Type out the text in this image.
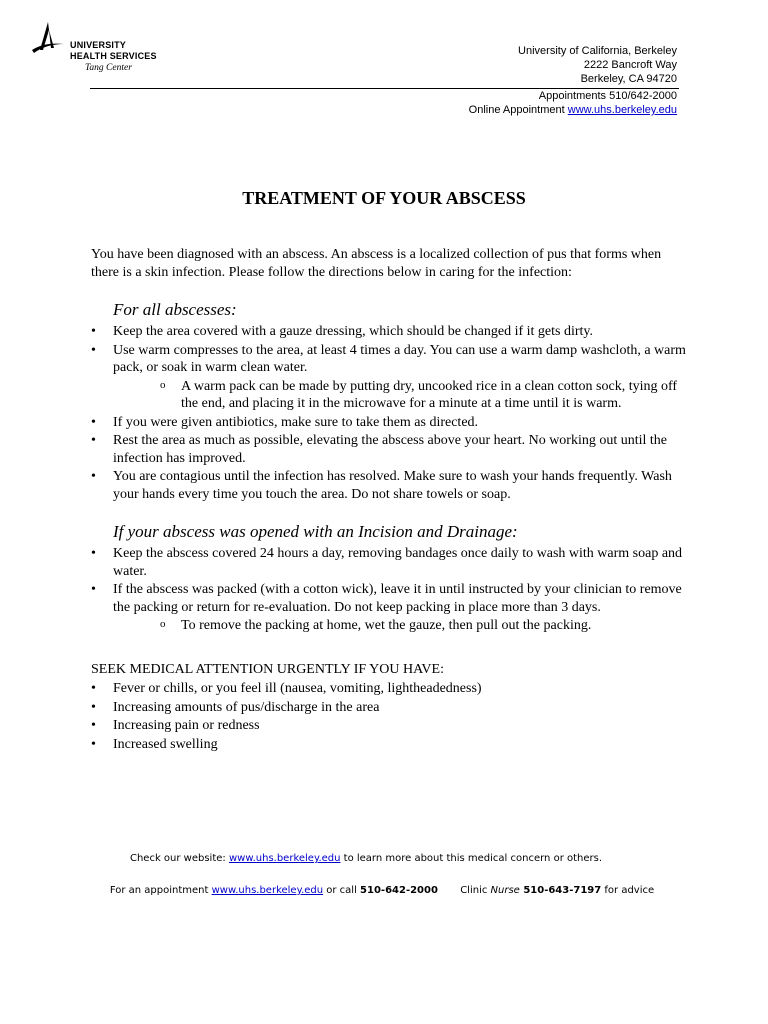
UNIVERSITY
HEALTH SERVICES
Tang Center
University of California, Berkeley
2222 Bancroft Way
Berkeley, CA 94720
Appointments 510/642-2000
Online Appointment www.uhs.berkeley.edu
TREATMENT OF YOUR ABSCESS

You have been diagnosed with an abscess. An abscess is a localized collection of pus that forms when there is a skin infection. Please follow the directions below in caring for the infection:

For all abscesses:
• Keep the area covered with a gauze dressing, which should be changed if it gets dirty.
• Use warm compresses to the area, at least 4 times a day. You can use a warm damp washcloth, a warm pack, or soak in warm clean water.
o A warm pack can be made by putting dry, uncooked rice in a clean cotton sock, tying off the end, and placing it in the microwave for a minute at a time until it is warm.
• If you were given antibiotics, make sure to take them as directed.
• Rest the area as much as possible, elevating the abscess above your heart. No working out until the infection has improved.
• You are contagious until the infection has resolved. Make sure to wash your hands frequently. Wash your hands every time you touch the area. Do not share towels or soap.
If your abscess was opened with an Incision and Drainage:
• Keep the abscess covered 24 hours a day, removing bandages once daily to wash with warm soap and water.
• If the abscess was packed (with a cotton wick), leave it in until instructed by your clinician to remove the packing or return for re-evaluation. Do not keep packing in place more than 3 days.
o To remove the packing at home, wet the gauze, then pull out the packing.
SEEK MEDICAL ATTENTION URGENTLY IF YOU HAVE:
• Fever or chills, or you feel ill (nausea, vomiting, lightheadedness)
• Increasing amounts of pus/discharge in the area
• Increasing pain or redness
• Increased swelling
Check our website: www.uhs.berkeley.edu to learn more about this medical concern or others.
For an appointment www.uhs.berkeley.edu or call 510-642-2000 Clinic Nurse 510-643-7197 for advice
